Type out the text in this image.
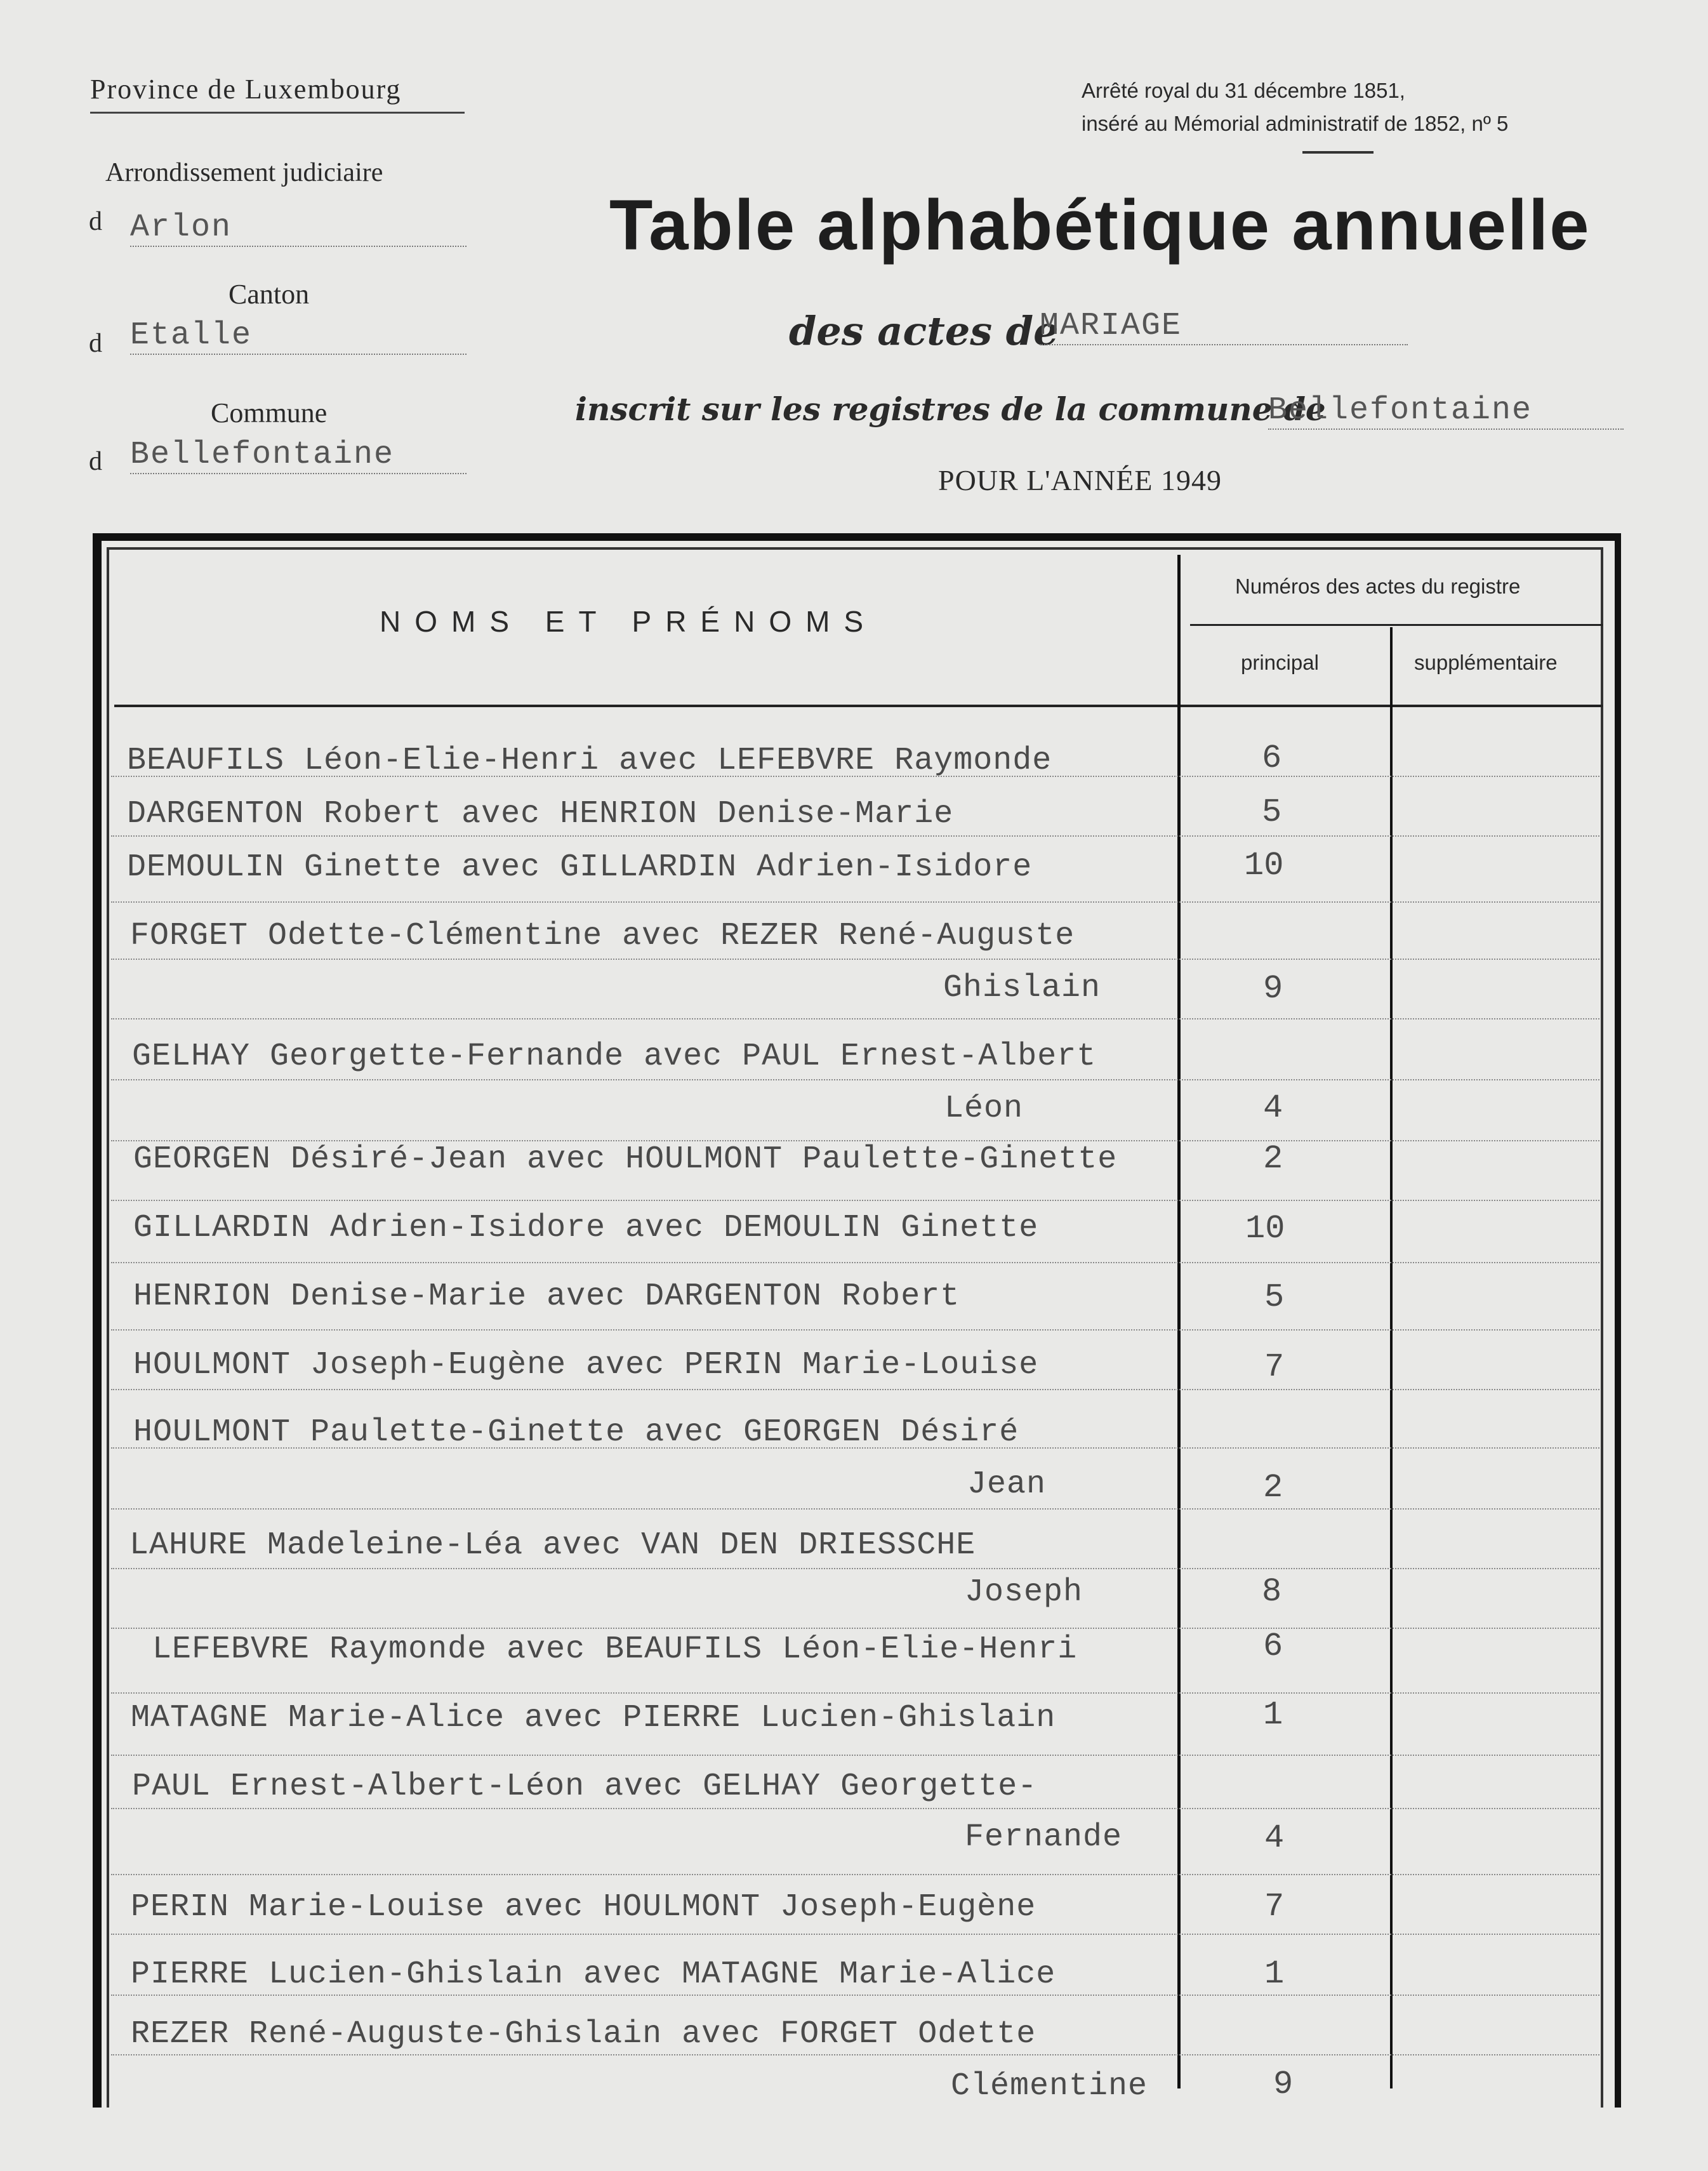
Province de Luxembourg
Arrondissement judiciaire
d Arlon
Canton
d Etalle
Commune
d Bellefontaine
Arrêté royal du 31 décembre 1851,
inséré au Mémorial administratif de 1852, nº 5
Table alphabétique annuelle
des actes de
MARIAGE
inscrit sur les registres de la commune de
Bellefontaine
POUR L'ANNÉE 1949
NOMS ET PRÉNOMS
Numéros des actes du registre
principal	supplémentaire
BEAUFILS Léon-Elie-Henri avec LEFEBVRE Raymonde	6
DARGENTON Robert avec HENRION Denise-Marie	5
DEMOULIN Ginette avec GILLARDIN Adrien-Isidore	10
FORGET Odette-Clémentine avec REZER René-Auguste
Ghislain	9
GELHAY Georgette-Fernande avec PAUL Ernest-Albert
Léon	4
GEORGEN Désiré-Jean avec HOULMONT Paulette-Ginette	2
GILLARDIN Adrien-Isidore avec DEMOULIN Ginette	10
HENRION Denise-Marie avec DARGENTON Robert	5
HOULMONT Joseph-Eugène avec PERIN Marie-Louise	7
HOULMONT Paulette-Ginette avec GEORGEN Désiré
Jean	2
LAHURE Madeleine-Léa avec VAN DEN DRIESSCHE
Joseph	8
LEFEBVRE Raymonde avec BEAUFILS Léon-Elie-Henri	6
MATAGNE Marie-Alice avec PIERRE Lucien-Ghislain	1
PAUL Ernest-Albert-Léon avec GELHAY Georgette-
Fernande	4
PERIN Marie-Louise avec HOULMONT Joseph-Eugène	7
PIERRE Lucien-Ghislain avec MATAGNE Marie-Alice	1
REZER René-Auguste-Ghislain avec FORGET Odette
Clémentine	9
